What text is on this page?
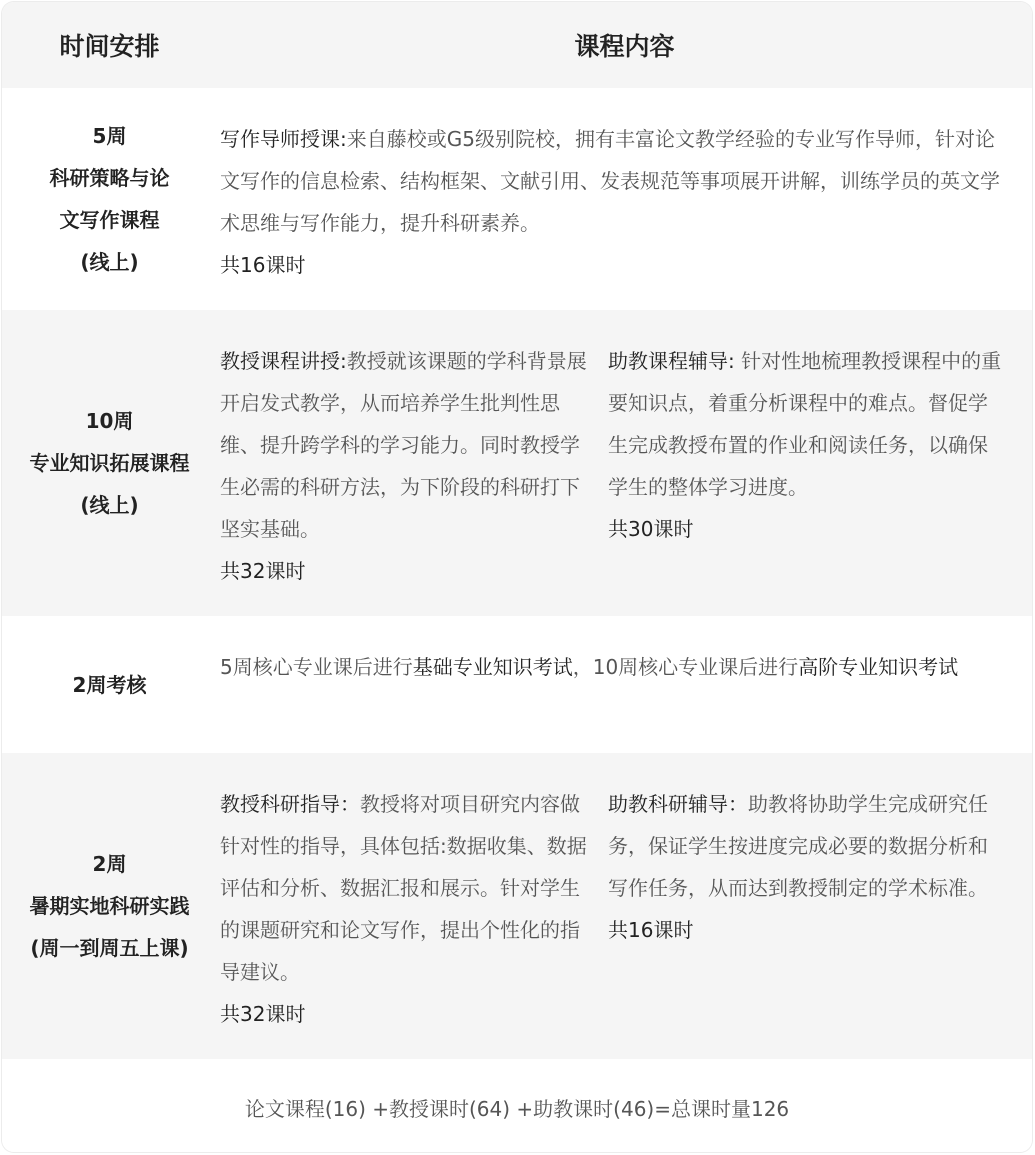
时间安排	课程内容
5周
科研策略与论
文写作课程
(线上)
写作导师授课:来自藤校或G5级别院校，拥有丰富论文教学经验的专业写作导师，针对论文写作的信息检索、结构框架、文献引用、发表规范等事项展开讲解，训练学员的英文学术思维与写作能力，提升科研素养。
共16课时
10周
专业知识拓展课程
(线上)
教授课程讲授:教授就该课题的学科背景展开启发式教学，从而培养学生批判性思维、提升跨学科的学习能力。同时教授学生必需的科研方法，为下阶段的科研打下坚实基础。
共32课时
助教课程辅导: 针对性地梳理教授课程中的重要知识点，着重分析课程中的难点。督促学生完成教授布置的作业和阅读任务，以确保学生的整体学习进度。
共30课时
2周考核
5周核心专业课后进行基础专业知识考试，10周核心专业课后进行高阶专业知识考试
2周
暑期实地科研实践
(周一到周五上课)
教授科研指导：教授将对项目研究内容做针对性的指导，具体包括:数据收集、数据评估和分析、数据汇报和展示。针对学生的课题研究和论文写作，提出个性化的指导建议。
共32课时
助教科研辅导：助教将协助学生完成研究任务，保证学生按进度完成必要的数据分析和写作任务，从而达到教授制定的学术标准。
共16课时
论文课程(16) +教授课时(64) +助教课时(46)=总课时量126
